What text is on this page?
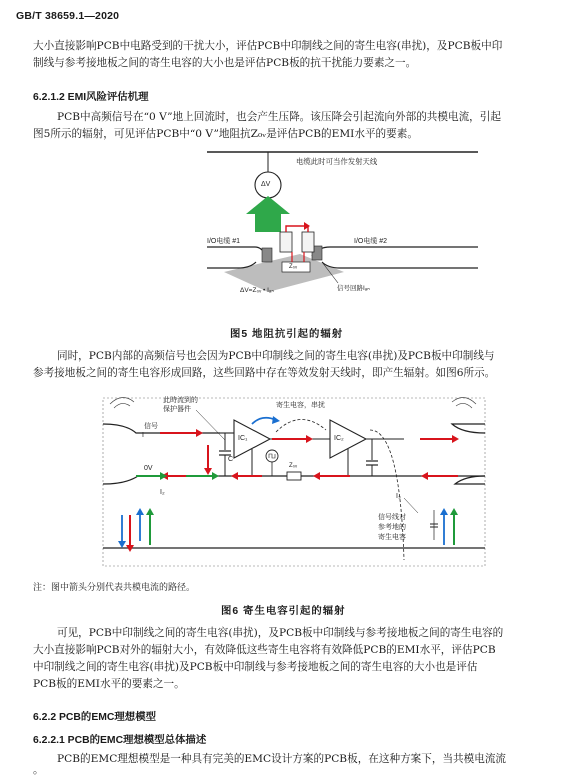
GB/T 38659.1—2020
大小直接影响PCB中电路受到的干扰大小，评估PCB中印制线之间的寄生电容(串扰)，及PCB板中印
制线与参考接地板之间的寄生电容的大小也是评估PCB板的抗干扰能力要素之一。
6.2.1.2 EMI风险评估机理
PCB中高频信号在“0 V”地上回流时，也会产生压降。该压降会引起流向外部的共模电流，引起
图5所示的辐射，可见评估PCB中“0 V”地阻抗Z₀ᵥ是评估PCB的EMI水平的要素。
电缆此时可当作发射天线
ΔV
I/O电缆 #1	I/O电缆 #2
Z₀ᵥ
ΔV=Z₀ᵥ • Iₐₙ	信号回路Iₐₙ
图5 地阻抗引起的辐射
同时，PCB内部的高频信号也会因为PCB中印制线之间的寄生电容(串扰)及PCB板中印制线与
参考接地板之间的寄生电容形成回路，这些回路中存在等效发射天线时，即产生辐射。如图6所示。
此時流到的
保护器件
寄生电容，串扰
信号
I
0V
I₂
C
IC₁	IC₂
Z₀ᵥ
I₃
信号线对
参考地的
寄生电容
注：图中箭头分别代表共模电流的路径。
图6 寄生电容引起的辐射
可见，PCB中印制线之间的寄生电容(串扰)，及PCB板中印制线与参考接地板之间的寄生电容的
大小直接影响PCB对外的辐射大小，有效降低这些寄生电容将有效降低PCB的EMI水平，评估PCB
中印制线之间的寄生电容(串扰)及PCB板中印制线与参考接地板之间的寄生电容的大小也是评估
PCB板的EMI水平的要素之一。
6.2.2 PCB的EMC理想模型
6.2.2.1 PCB的EMC理想模型总体描述
PCB的EMC理想模型是一种具有完美的EMC设计方案的PCB板，在这种方案下，当共模电流流
。
